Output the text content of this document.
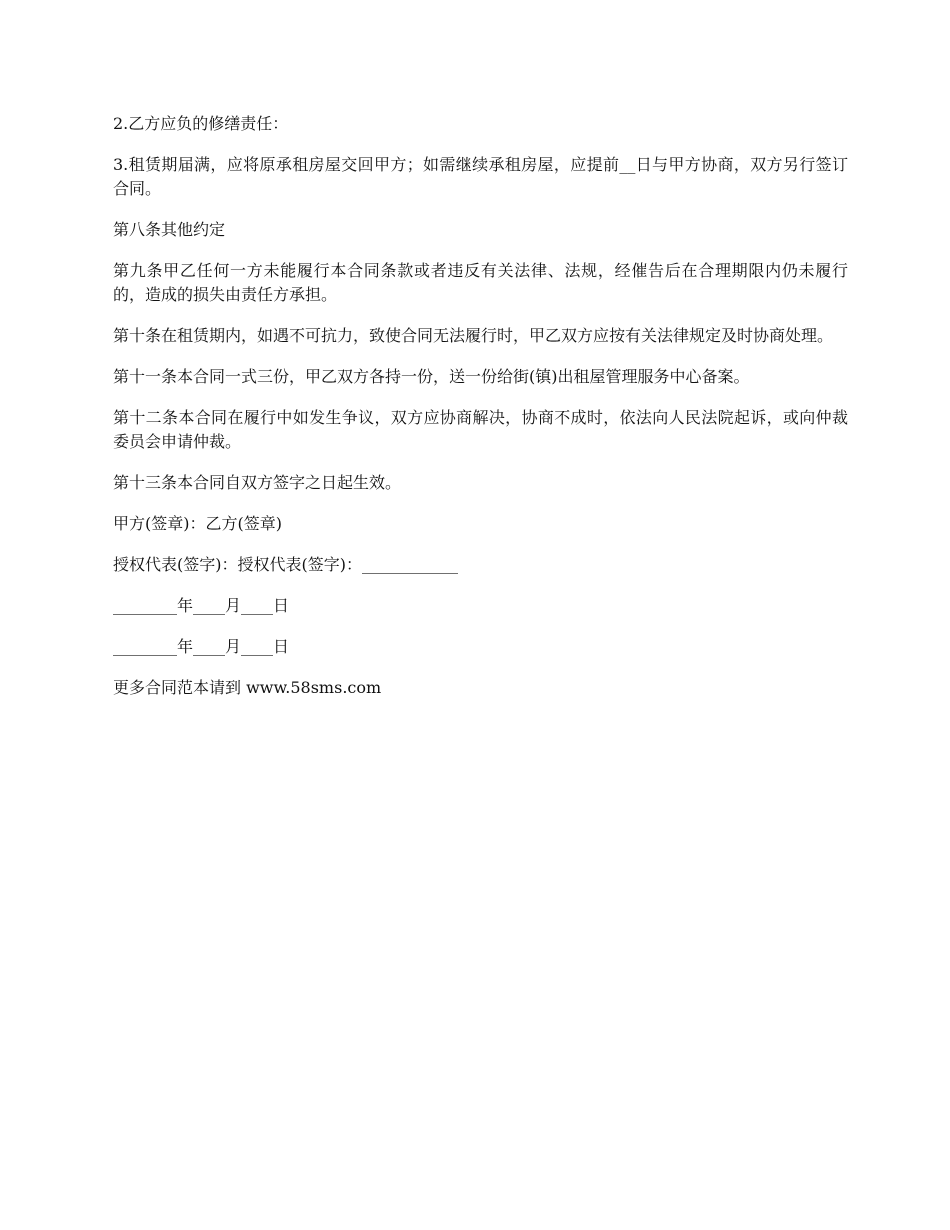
2.乙方应负的修缮责任：

3.租赁期届满，应将原承租房屋交回甲方；如需继续承租房屋，应提前__日与甲方协商，双方另行签订合同。

第八条其他约定

第九条甲乙任何一方未能履行本合同条款或者违反有关法律、法规，经催告后在合理期限内仍未履行的，造成的损失由责任方承担。

第十条在租赁期内，如遇不可抗力，致使合同无法履行时，甲乙双方应按有关法律规定及时协商处理。

第十一条本合同一式三份，甲乙双方各持一份，送一份给街(镇)出租屋管理服务中心备案。

第十二条本合同在履行中如发生争议，双方应协商解决，协商不成时，依法向人民法院起诉，或向仲裁委员会申请仲裁。

第十三条本合同自双方签字之日起生效。

甲方(签章)：乙方(签章)

授权代表(签字)：授权代表(签字)：____________

________年____月____日

________年____月____日

更多合同范本请到 www.58sms.com
